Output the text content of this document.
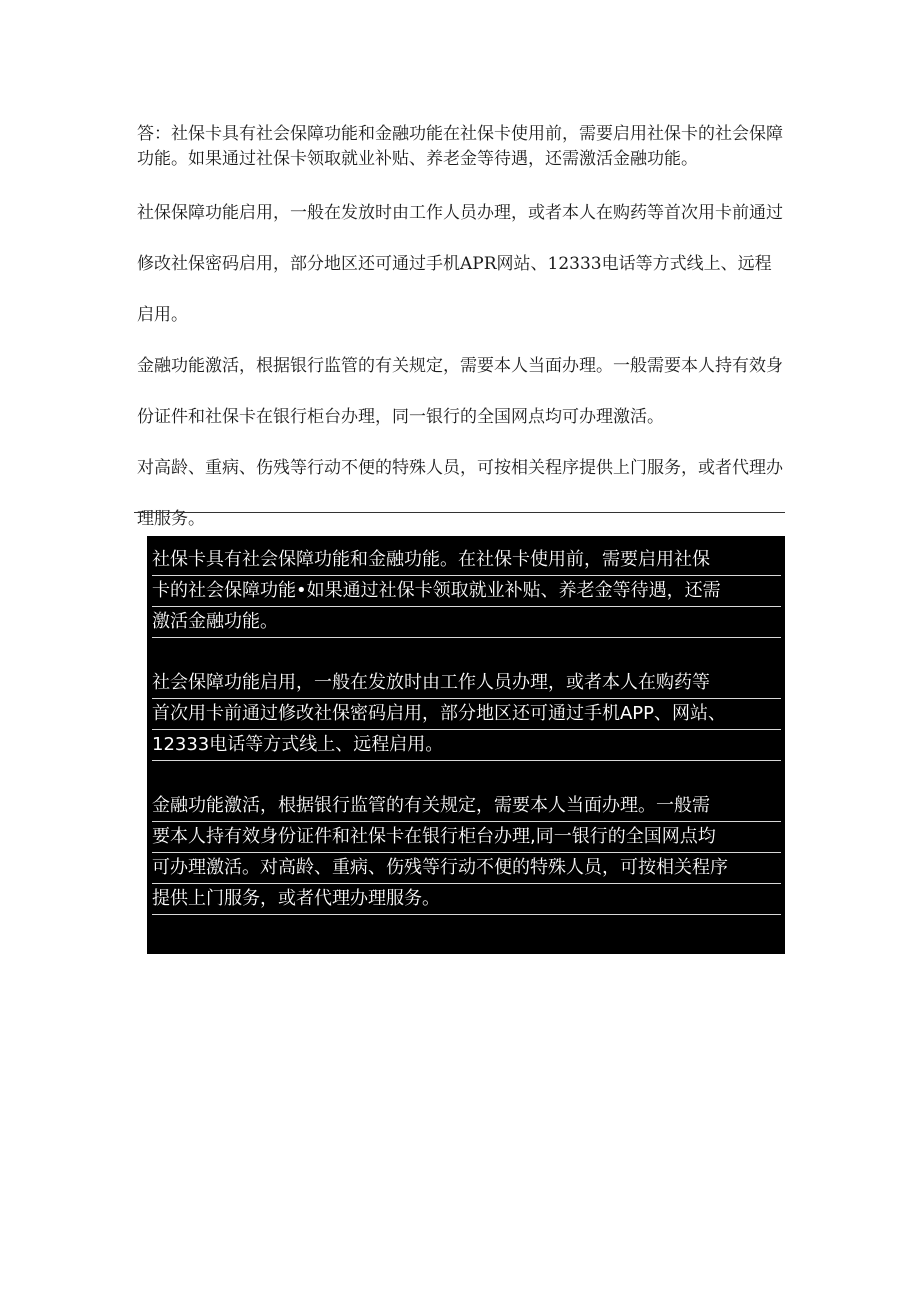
答：社保卡具有社会保障功能和金融功能在社保卡使用前，需要启用社保卡的社会保障功能。如果通过社保卡领取就业补贴、养老金等待遇，还需激活金融功能。

社保保障功能启用，一般在发放时由工作人员办理，或者本人在购药等首次用卡前通过修改社保密码启用，部分地区还可通过手机APR网站、12333电话等方式线上、远程启用。

金融功能激活，根据银行监管的有关规定，需要本人当面办理。一般需要本人持有效身份证件和社保卡在银行柜台办理，同一银行的全国网点均可办理激活。

对高龄、重病、伤残等行动不便的特殊人员，可按相关程序提供上门服务，或者代理办理服务。

社保卡具有社会保障功能和金融功能。在社保卡使用前，需要启用社保
卡的社会保障功能•如果通过社保卡领取就业补贴、养老金等待遇，还需
激活金融功能。

社会保障功能启用，一般在发放时由工作人员办理，或者本人在购药等
首次用卡前通过修改社保密码启用，部分地区还可通过手机APP、网站、
12333电话等方式线上、远程启用。

金融功能激活，根据银行监管的有关规定，需要本人当面办理。一般需
要本人持有效身份证件和社保卡在银行柜台办理,同一银行的全国网点均
可办理激活。对高龄、重病、伤残等行动不便的特殊人员，可按相关程序
提供上门服务，或者代理办理服务。
